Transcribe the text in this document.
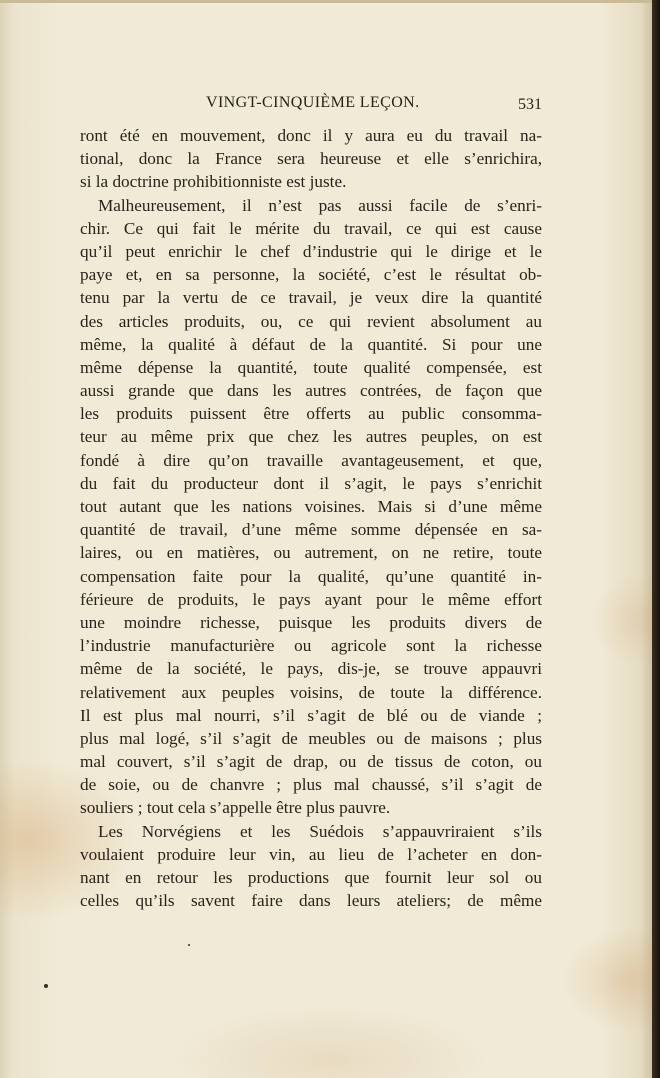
VINGT-CINQUIÈME LEÇON.	531
ront été en mouvement, donc il y aura eu du travail na-
tional, donc la France sera heureuse et elle s’enrichira,
si la doctrine prohibitionniste est juste.
Malheureusement, il n’est pas aussi facile de s’enri-
chir. Ce qui fait le mérite du travail, ce qui est cause
qu’il peut enrichir le chef d’industrie qui le dirige et le
paye et, en sa personne, la société, c’est le résultat ob-
tenu par la vertu de ce travail, je veux dire la quantité
des articles produits, ou, ce qui revient absolument au
même, la qualité à défaut de la quantité. Si pour une
même dépense la quantité, toute qualité compensée, est
aussi grande que dans les autres contrées, de façon que
les produits puissent être offerts au public consomma-
teur au même prix que chez les autres peuples, on est
fondé à dire qu’on travaille avantageusement, et que,
du fait du producteur dont il s’agit, le pays s’enrichit
tout autant que les nations voisines. Mais si d’une même
quantité de travail, d’une même somme dépensée en sa-
laires, ou en matières, ou autrement, on ne retire, toute
compensation faite pour la qualité, qu’une quantité in-
férieure de produits, le pays ayant pour le même effort
une moindre richesse, puisque les produits divers de
l’industrie manufacturière ou agricole sont la richesse
même de la société, le pays, dis-je, se trouve appauvri
relativement aux peuples voisins, de toute la différence.
Il est plus mal nourri, s’il s’agit de blé ou de viande ;
plus mal logé, s’il s’agit de meubles ou de maisons ; plus
mal couvert, s’il s’agit de drap, ou de tissus de coton, ou
de soie, ou de chanvre ; plus mal chaussé, s’il s’agit de
souliers ; tout cela s’appelle être plus pauvre.
Les Norvégiens et les Suédois s’appauvriraient s’ils
voulaient produire leur vin, au lieu de l’acheter en don-
nant en retour les productions que fournit leur sol ou
celles qu’ils savent faire dans leurs ateliers; de même
